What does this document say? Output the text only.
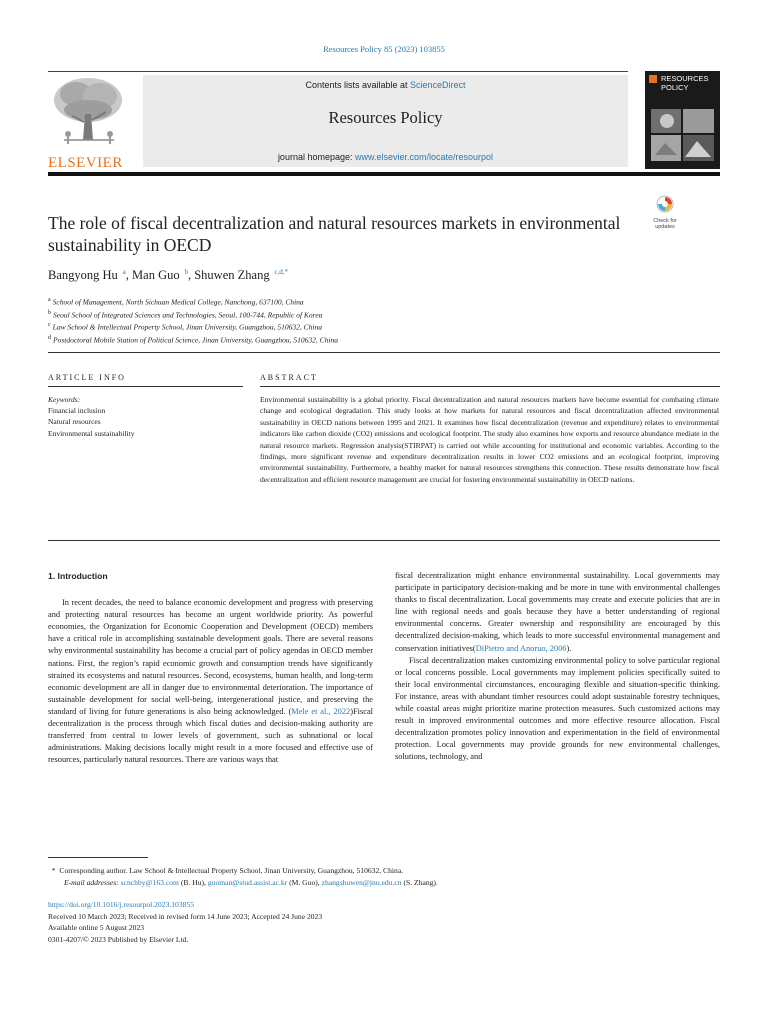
Resources Policy 85 (2023) 103855
ELSEVIER
Contents lists available at ScienceDirect
Resources Policy
journal homepage: www.elsevier.com/locate/resourpol
RESOURCES
POLICY
Check for
updates
The role of fiscal decentralization and natural resources markets in environmental sustainability in OECD
Bangyong Hu $^a$, Man Guo $^b$, Shuwen Zhang $^{c,d,*}$
$^a$ School of Management, North Sichuan Medical College, Nanchong, 637100, China
$^b$ Seoul School of Integrated Sciences and Technologies, Seoul, 100-744, Republic of Korea
$^c$ Law School & Intellectual Property School, Jinan University, Guangzhou, 510632, China
$^d$ Postdoctoral Mobile Station of Political Science, Jinan University, Guangzhou, 510632, China
ARTICLE INFO
Keywords:
Financial inclusion
Natural resources
Environmental sustainability
ABSTRACT
Environmental sustainability is a global priority. Fiscal decentralization and natural resources markets have become essential for combating climate change and ecological degradation. This study looks at how markets for natural resources and fiscal decentralization affected environmental sustainability in OECD nations between 1995 and 2021. It examines how fiscal decentralization (revenue and expenditure) relates to environmental indicators like carbon dioxide (CO2) emissions and ecological footprint. The study also examines how exports and resource abundance mediate in the natural resource markets. Regression analysis(STIRPAT) is carried out while accounting for institutional and economic variables. According to the findings, more significant revenue and expenditure decentralization results in lower CO2 emissions and an ecological footprint, improving environmental sustainability. Furthermore, a healthy market for natural resources strengthens this connection. These results demonstrate how fiscal decentralization and efficient resource management are crucial for fostering environmental sustainability in OECD nations.
1. Introduction

In recent decades, the need to balance economic development and progress with preserving and protecting natural resources has become an urgent worldwide priority. As powerful economies, the Organization for Economic Cooperation and Development (OECD) members have a critical role in accomplishing sustainable development goals. There are several reasons why environmental sustainability has become a crucial part of policy agendas in OECD member nations. First, the region’s rapid economic growth and consumption trends have significantly strained its ecosystems and natural resources. Second, ecosystems, human health, and long-term economic development are all in danger due to environmental deterioration. The importance of sustainable development for social well-being, intergenerational justice, and preserving the standard of living for future generations is also being acknowledged. (Mele et al., 2022)Fiscal decentralization is the process through which fiscal duties and decision-making authority are transferred from central to lower levels of government, such as subnational or local administrations. Making decisions locally might result in a more focused and effective use of resources, particularly natural resources. There are various ways that

fiscal decentralization might enhance environmental sustainability. Local governments may participate in participatory decision-making and be more in tune with environmental challenges thanks to fiscal decentralization. Local governments may create and execute policies that are in line with regional needs and goals because they have a better understanding of regional environmental concerns. Greater ownership and responsibility are encouraged by this decentralized decision-making, which leads to more successful environmental management and conservation initiatives(DiPietro and Anoruo, 2006).

Fiscal decentralization makes customizing environmental policy to solve particular regional or local concerns possible. Local governments may implement policies specifically suited to their local environmental circumstances, encouraging flexible and situation-specific thinking. For instance, areas with abundant timber resources could adopt sustainable forestry techniques, while coastal areas might prioritize marine protection measures. Such customized actions may result in improved environmental outcomes and more effective resource allocation. Fiscal decentralization promotes policy innovation and experimentation in the field of environmental protection. Local governments may provide grounds for new environmental challenges, solutions, technology, and

*  Corresponding author. Law School & Intellectual Property School, Jinan University, Guangzhou, 510632, China.
E-mail addresses: scnchby@163.com (B. Hu), guoman@stud.assist.ac.kr (M. Guo), zhangshuwen@jnu.edu.cn (S. Zhang).
https://doi.org/10.1016/j.resourpol.2023.103855
Received 10 March 2023; Received in revised form 14 June 2023; Accepted 24 June 2023
Available online 5 August 2023
0301-4207/© 2023 Published by Elsevier Ltd.
